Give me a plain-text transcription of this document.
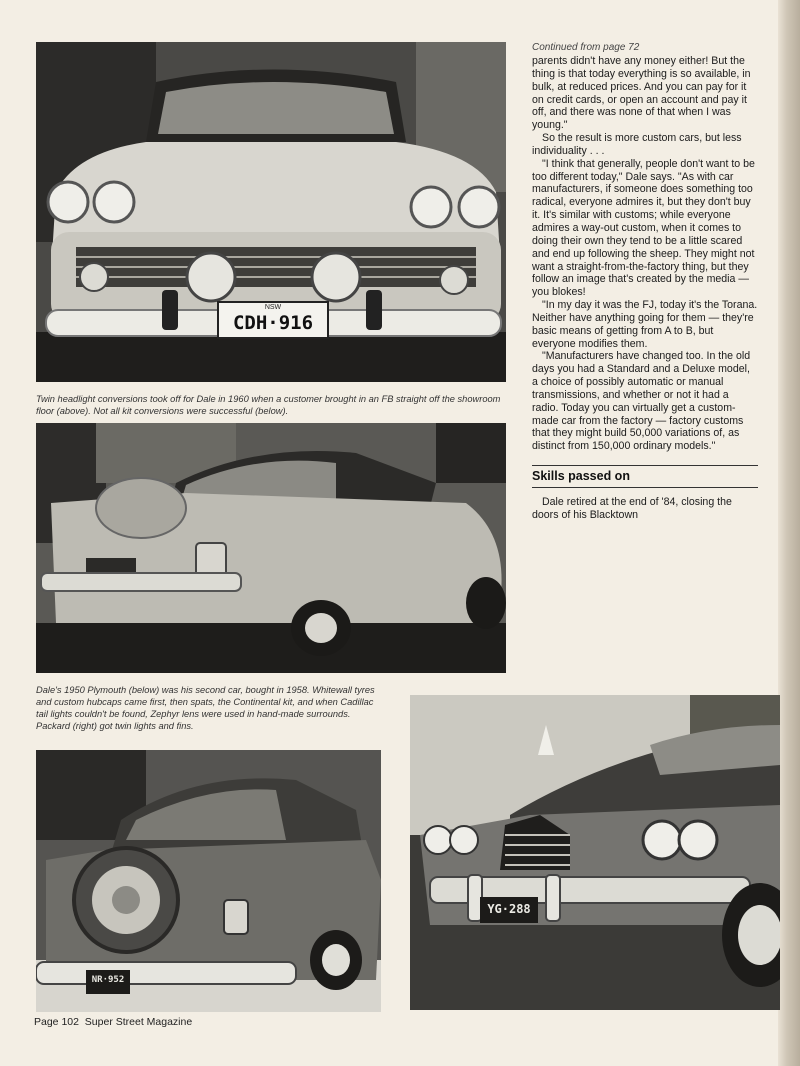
NSW
CDH·916

Twin headlight conversions took off for Dale in 1960 when a customer brought in an FB straight off the showroom floor (above). Not all kit conversions were successful (below).

Dale's 1950 Plymouth (below) was his second car, bought in 1958. Whitewall tyres and custom hubcaps came first, then spats, the Continental kit, and when Cadillac tail lights couldn't be found, Zephyr lens were used in hand-made surrounds. Packard (right) got twin lights and fins.

NR·952
YG·288

Continued from page 72

parents didn't have any money either! But the thing is that today everything is so available, in bulk, at reduced prices. And you can pay for it on credit cards, or open an account and pay it off, and there was none of that when I was young."

So the result is more custom cars, but less individuality . . .

"I think that generally, people don't want to be too different today," Dale says. "As with car manufacturers, if someone does something too radical, everyone admires it, but they don't buy it. It's similar with customs; while everyone admires a way-out custom, when it comes to doing their own they tend to be a little scared and end up following the sheep. They might not want a straight-from-the-factory thing, but they follow an image that's created by the media — you blokes!

"In my day it was the FJ, today it's the Torana. Neither have anything going for them — they're basic means of getting from A to B, but everyone modifies them.

"Manufacturers have changed too. In the old days you had a Standard and a Deluxe model, a choice of possibly automatic or manual transmissions, and whether or not it had a radio. Today you can virtually get a custom-made car from the factory — factory customs that they might build 50,000 variations of, as distinct from 150,000 ordinary models."

Skills passed on

Dale retired at the end of '84, closing the doors of his Blacktown

Page 102  Super Street Magazine
